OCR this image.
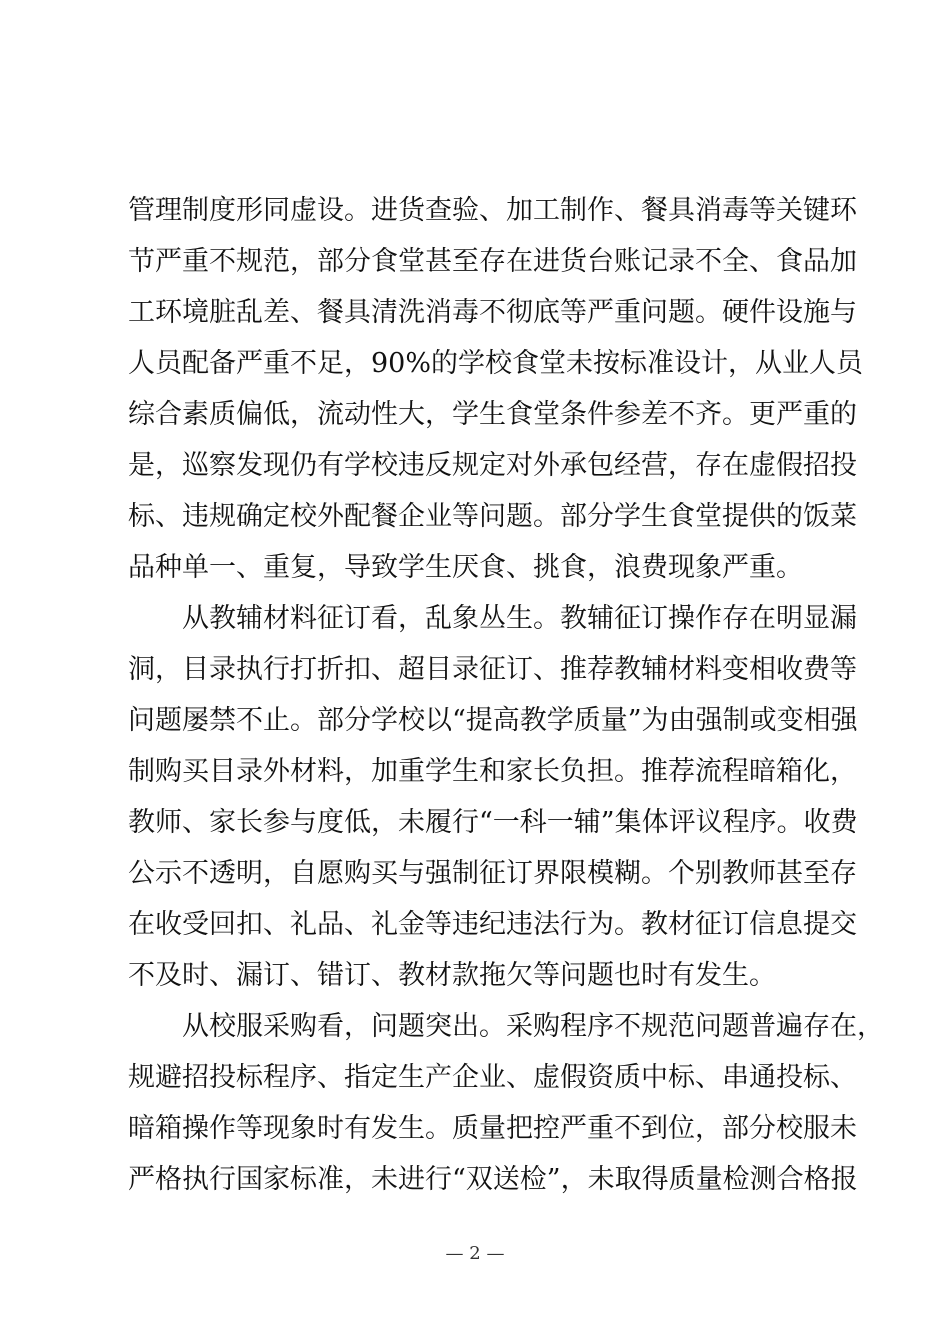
管理制度形同虚设。进货查验、加工制作、餐具消毒等关键环
节严重不规范，部分食堂甚至存在进货台账记录不全、食品加
工环境脏乱差、餐具清洗消毒不彻底等严重问题。硬件设施与
人员配备严重不足，90%的学校食堂未按标准设计，从业人员
综合素质偏低，流动性大，学生食堂条件参差不齐。更严重的
是，巡察发现仍有学校违反规定对外承包经营，存在虚假招投
标、违规确定校外配餐企业等问题。部分学生食堂提供的饭菜
品种单一、重复，导致学生厌食、挑食，浪费现象严重。
从教辅材料征订看，乱象丛生。教辅征订操作存在明显漏
洞，目录执行打折扣、超目录征订、推荐教辅材料变相收费等
问题屡禁不止。部分学校以“提高教学质量”为由强制或变相强
制购买目录外材料，加重学生和家长负担。推荐流程暗箱化，
教师、家长参与度低，未履行“一科一辅”集体评议程序。收费
公示不透明，自愿购买与强制征订界限模糊。个别教师甚至存
在收受回扣、礼品、礼金等违纪违法行为。教材征订信息提交
不及时、漏订、错订、教材款拖欠等问题也时有发生。
从校服采购看，问题突出。采购程序不规范问题普遍存在，
规避招投标程序、指定生产企业、虚假资质中标、串通投标、
暗箱操作等现象时有发生。质量把控严重不到位，部分校服未
严格执行国家标准，未进行“双送检”，未取得质量检测合格报
— 2 —
